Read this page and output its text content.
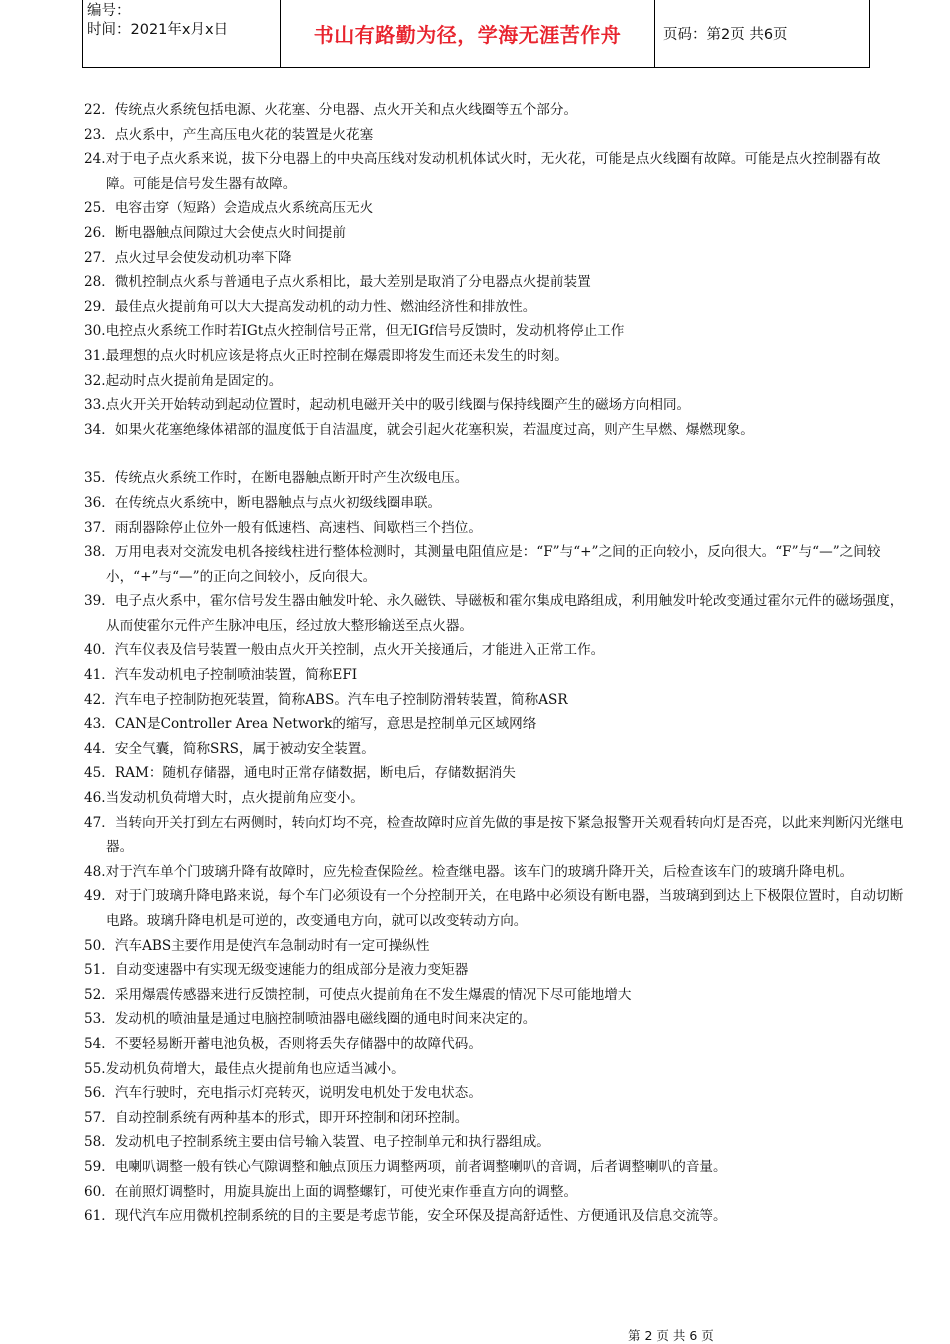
编号：
时间：2021年x月x日	书山有路勤为径，学海无涯苦作舟	页码：第2页 共6页

22．传统点火系统包括电源、火花塞、分电器、点火开关和点火线圈等五个部分。

23．点火系中，产生高压电火花的装置是火花塞

24.对于电子点火系来说，拔下分电器上的中央高压线对发动机机体试火时，无火花，可能是点火线圈有故障。可能是点火控制器有故障。可能是信号发生器有故障。

25．电容击穿（短路）会造成点火系统高压无火

26．断电器触点间隙过大会使点火时间提前

27．点火过早会使发动机功率下降

28．微机控制点火系与普通电子点火系相比，最大差别是取消了分电器点火提前装置

29．最佳点火提前角可以大大提高发动机的动力性、燃油经济性和排放性。

30.电控点火系统工作时若IGt点火控制信号正常，但无IGf信号反馈时，发动机将停止工作

31.最理想的点火时机应该是将点火正时控制在爆震即将发生而还未发生的时刻。

32.起动时点火提前角是固定的。

33.点火开关开始转动到起动位置时，起动机电磁开关中的吸引线圈与保持线圈产生的磁场方向相同。

34．如果火花塞绝缘体裙部的温度低于自洁温度，就会引起火花塞积炭，若温度过高，则产生早燃、爆燃现象。

35．传统点火系统工作时，在断电器触点断开时产生次级电压。

36．在传统点火系统中，断电器触点与点火初级线圈串联。

37．雨刮器除停止位外一般有低速档、高速档、间歇档三个挡位。

38．万用电表对交流发电机各接线柱进行整体检测时，其测量电阻值应是：“F”与“+”之间的正向较小，反向很大。“F”与“—”之间较小，“+”与“—”的正向之间较小，反向很大。

39．电子点火系中，霍尔信号发生器由触发叶轮、永久磁铁、导磁板和霍尔集成电路组成，利用触发叶轮改变通过霍尔元件的磁场强度，从而使霍尔元件产生脉冲电压，经过放大整形输送至点火器。

40．汽车仪表及信号装置一般由点火开关控制，点火开关接通后，才能进入正常工作。

41．汽车发动机电子控制喷油装置，简称EFI

42．汽车电子控制防抱死装置，简称ABS。汽车电子控制防滑转装置，简称ASR

43．CAN是Controller Area Network的缩写，意思是控制单元区域网络

44．安全气囊，简称SRS，属于被动安全装置。

45．RAM：随机存储器，通电时正常存储数据，断电后，存储数据消失

46.当发动机负荷增大时，点火提前角应变小。

47．当转向开关打到左右两侧时，转向灯均不亮，检查故障时应首先做的事是按下紧急报警开关观看转向灯是否亮，以此来判断闪光继电器。

48.对于汽车单个门玻璃升降有故障时，应先检查保险丝。检查继电器。该车门的玻璃升降开关，后检查该车门的玻璃升降电机。

49．对于门玻璃升降电路来说，每个车门必须设有一个分控制开关，在电路中必须设有断电器，当玻璃到到达上下极限位置时，自动切断电路。玻璃升降电机是可逆的，改变通电方向，就可以改变转动方向。

50．汽车ABS主要作用是使汽车急制动时有一定可操纵性

51．自动变速器中有实现无级变速能力的组成部分是液力变矩器

52．采用爆震传感器来进行反馈控制，可使点火提前角在不发生爆震的情况下尽可能地增大

53．发动机的喷油量是通过电脑控制喷油器电磁线圈的通电时间来决定的。

54．不要轻易断开蓄电池负极，否则将丢失存储器中的故障代码。

55.发动机负荷增大，最佳点火提前角也应适当减小。

56．汽车行驶时，充电指示灯亮转灭，说明发电机处于发电状态。

57．自动控制系统有两种基本的形式，即开环控制和闭环控制。

58．发动机电子控制系统主要由信号输入装置、电子控制单元和执行器组成。

59．电喇叭调整一般有铁心气隙调整和触点顶压力调整两项，前者调整喇叭的音调，后者调整喇叭的音量。

60．在前照灯调整时，用旋具旋出上面的调整螺钉，可使光束作垂直方向的调整。

61．现代汽车应用微机控制系统的目的主要是考虑节能，安全环保及提高舒适性、方便通讯及信息交流等。

第 2 页 共 6 页
